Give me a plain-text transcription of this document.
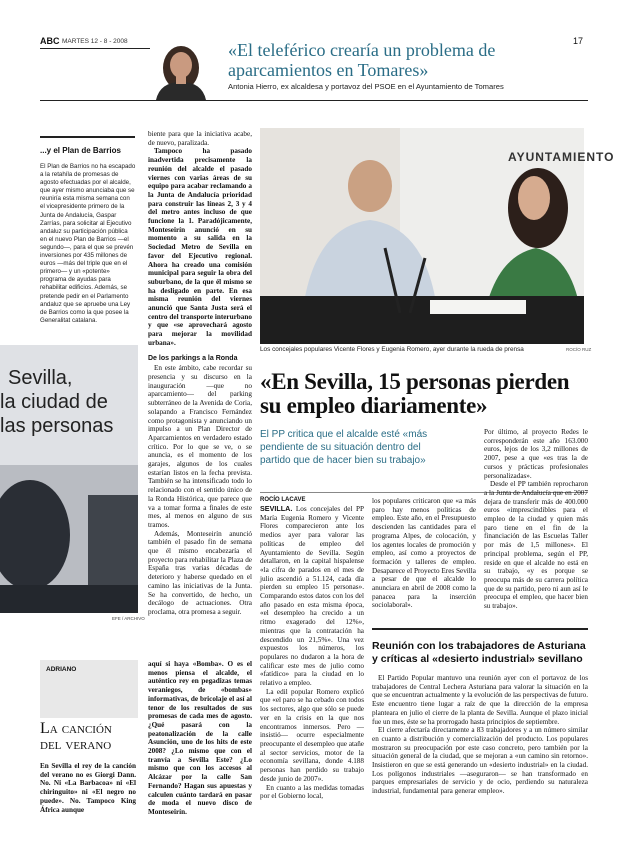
ABC MARTES 12 - 8 - 2008	17
«El teleférico crearía un problema de aparcamientos en Tomares»
Antonia Hierro, ex alcaldesa y portavoz del PSOE en el Ayuntamiento de Tomares
...y el Plan de Barrios
El Plan de Barrios no ha escapado a la retahíla de promesas de agosto efectuadas por el alcalde, que ayer mismo anunciaba que se reuniría esta misma semana con el vicepresidente primero de la Junta de Andalucía, Gaspar Zarrías, para solicitar al Ejecutivo andaluz su participación pública en el nuevo Plan de Barrios —el segundo—, para el que se prevén inversiones por 435 millones de euros —más del triple que en el primero— y un «potente» programa de ayudas para rehabilitar edificios. Además, se pretende pedir en el Parlamento andaluz que se apruebe una Ley de Barrios como la que posee la Generalitat catalana.
Sevilla,
la ciudad de
las personas
EFE / ARCHIVO

biente para que la iniciativa acabe, de nuevo, paralizada.

Tampoco ha pasado inadvertida precisamente la reunión del alcalde el pasado viernes con varias áreas de su equipo para acabar reclamando a la Junta de Andalucía prioridad para construir las líneas 2, 3 y 4 del metro antes incluso de que funcione la 1. Paradójicamente, Monteseirín anunció en su momento a su salida en la Sociedad Metro de Sevilla en favor del Ejecutivo regional. Ahora ha creado una comisión municipal para seguir la obra del suburbano, de la que él mismo se ha desligado en parte. En esa misma reunión del viernes anunció que Santa Justa será el centro del transporte interurbano y que «se aprovechará agosto para mejorar la movilidad urbana».

De los parkings a la Ronda

En este ámbito, cabe recordar su presencia y su discurso en la inauguración —que no aparcamiento— del parking subterráneo de la Avenida de Coria, solapando a Francisco Fernández como protagonista y anunciando un impulso a un Plan Director de Aparcamientos en verdadero estado crítico. Por lo que se ve, o se anuncia, es el momento de los garajes, algunos de los cuales estarían listos en la fecha prevista. También se ha intensificado todo lo relacionado con el sentido único de la Ronda Histórica, que parece que va a tomar forma a finales de este mes, al menos en alguno de sus tramos.

Además, Monteseirín anunció también el pasado fin de semana que él mismo encabezaría el proyecto para rehabilitar la Plaza de España tras varias décadas de deterioro y haberse quedado en el camino las iniciativas de la Junta. Se ha convertido, de hecho, un decálogo de actuaciones. Otra proclama, otra promesa a seguir.

AYUNTAMIENTO
Los concejales populares Vicente Flores y Eugenia Romero, ayer durante la rueda de prensa	ROCÍO RUZ
«En Sevilla, 15 personas pierden su empleo diariamente»
El PP critica que el alcalde esté «más pendiente de su situación dentro del partido que de hacer bien su trabajo»
ROCÍO LACAVE

SEVILLA. Los concejales del PP María Eugenia Romero y Vicente Flores comparecieron ante los medios ayer para valorar las políticas de empleo del Ayuntamiento de Sevilla. Según detallaron, en la capital hispalense «la cifra de parados en el mes de julio ascendió a 51.124, cada día pierden su empleo 15 personas». Comparando estos datos con los del año pasado en esta misma época, «el desempleo ha crecido a un ritmo exagerado del 12%», mientras que la contratación ha descendido un 21,5%». Una vez expuestos los números, los populares no dudaron a la hora de calificar este mes de julio como «fatídico» para la ciudad en lo relativo a empleo.

La edil popular Romero explicó que «el paro se ha cebado con todos los sectores, algo que sólo se puede ver en la crisis en la que nos encontramos inmersos. Pero —insistió— ocurre especialmente preocupante el desempleo que atañe al sector servicios, motor de la economía sevillana, donde 4.188 personas han perdido su trabajo desde junio de 2007».

En cuanto a las medidas tomadas por el Gobierno local,

los populares criticaron que «a más paro hay menos políticas de empleo. Este año, en el Presupuesto descienden las cantidades para el programa Alpes, de colocación, y los agentes locales de promoción y empleo, así como a proyectos de formación y talleres de empleo. Desaparece el Proyecto Eres Sevilla a pesar de que el alcalde lo anunciara en abril de 2008 como la panacea para la inserción sociolaboral».

Por último, al proyecto Redes le corresponderán este año 163.000 euros, lejos de los 3,2 millones de 2007, pese a que «es tras la de cursos y prácticas profesionales personalizadas».

Desde el PP también reprocharon a la Junta de Andalucía que en 2007 dejara de transferir más de 400.000 euros «imprescindibles para el empleo de la ciudad y quien más paro tiene en el fin de la financiación de las Escuelas Taller por más de 1,5 millones». El principal problema, según el PP, reside en que el alcalde no está en su trabajo, «y es porque se preocupa más de su carrera política que de su partido, pero ni aun así le preocupa el empleo, que hacer bien su trabajo».

ADRIANO
La canción
del verano

En Sevilla el rey de la canción del verano no es Giorgi Dann. No. Ni «La Barbacoa» ni «El chiringuito» ni «El negro no puede». No. Tampoco King África aunque

aquí si haya «Bomba». O es el menos piensa el alcalde, el auténtico rey en pegadizas temas veraniegos, de «bombas» informativas, de bricolaje el así al tenor de los resultados de sus promesas de cada mes de agosto. ¿Qué pasará con la peatonalización de la calle Asunción, uno de los hits de este 2008? ¿Lo mismo que con el tranvía a Sevilla Este? ¿Lo mismo que con los accesos al Alcázar por la calle San Fernando? Hagan sus apuestas y calculen cuánto tardará en pasar de moda el nuevo disco de Monteseirín.

Reunión con los trabajadores de Asturiana y críticas al «desierto industrial» sevillano

El Partido Popular mantuvo una reunión ayer con el portavoz de los trabajadores de Central Lechera Asturiana para valorar la situación en la que se encuentran actualmente y la evolución de las perspectivas de futuro. Este encuentro tiene lugar a raíz de que la dirección de la empresa planteara en julio el cierre de la planta de Sevilla. Aunque el plazo inicial fue un mes, éste se ha prorrogado hasta principios de septiembre.

El cierre afectaría directamente a 83 trabajadores y a un número similar en cuanto a distribución y comercialización del producto. Los populares mostraron su preocupación por este caso concreto, pero también por la situación general de la ciudad, que se mejoran a «un camino sin retorno». Insistieron en que se está generando un «desierto industrial» en la ciudad. Los polígonos industriales —aseguraron— se han transformado en parques empresariales de servicio y de ocio, perdiendo su naturaleza industrial, fundamental para generar empleo».
